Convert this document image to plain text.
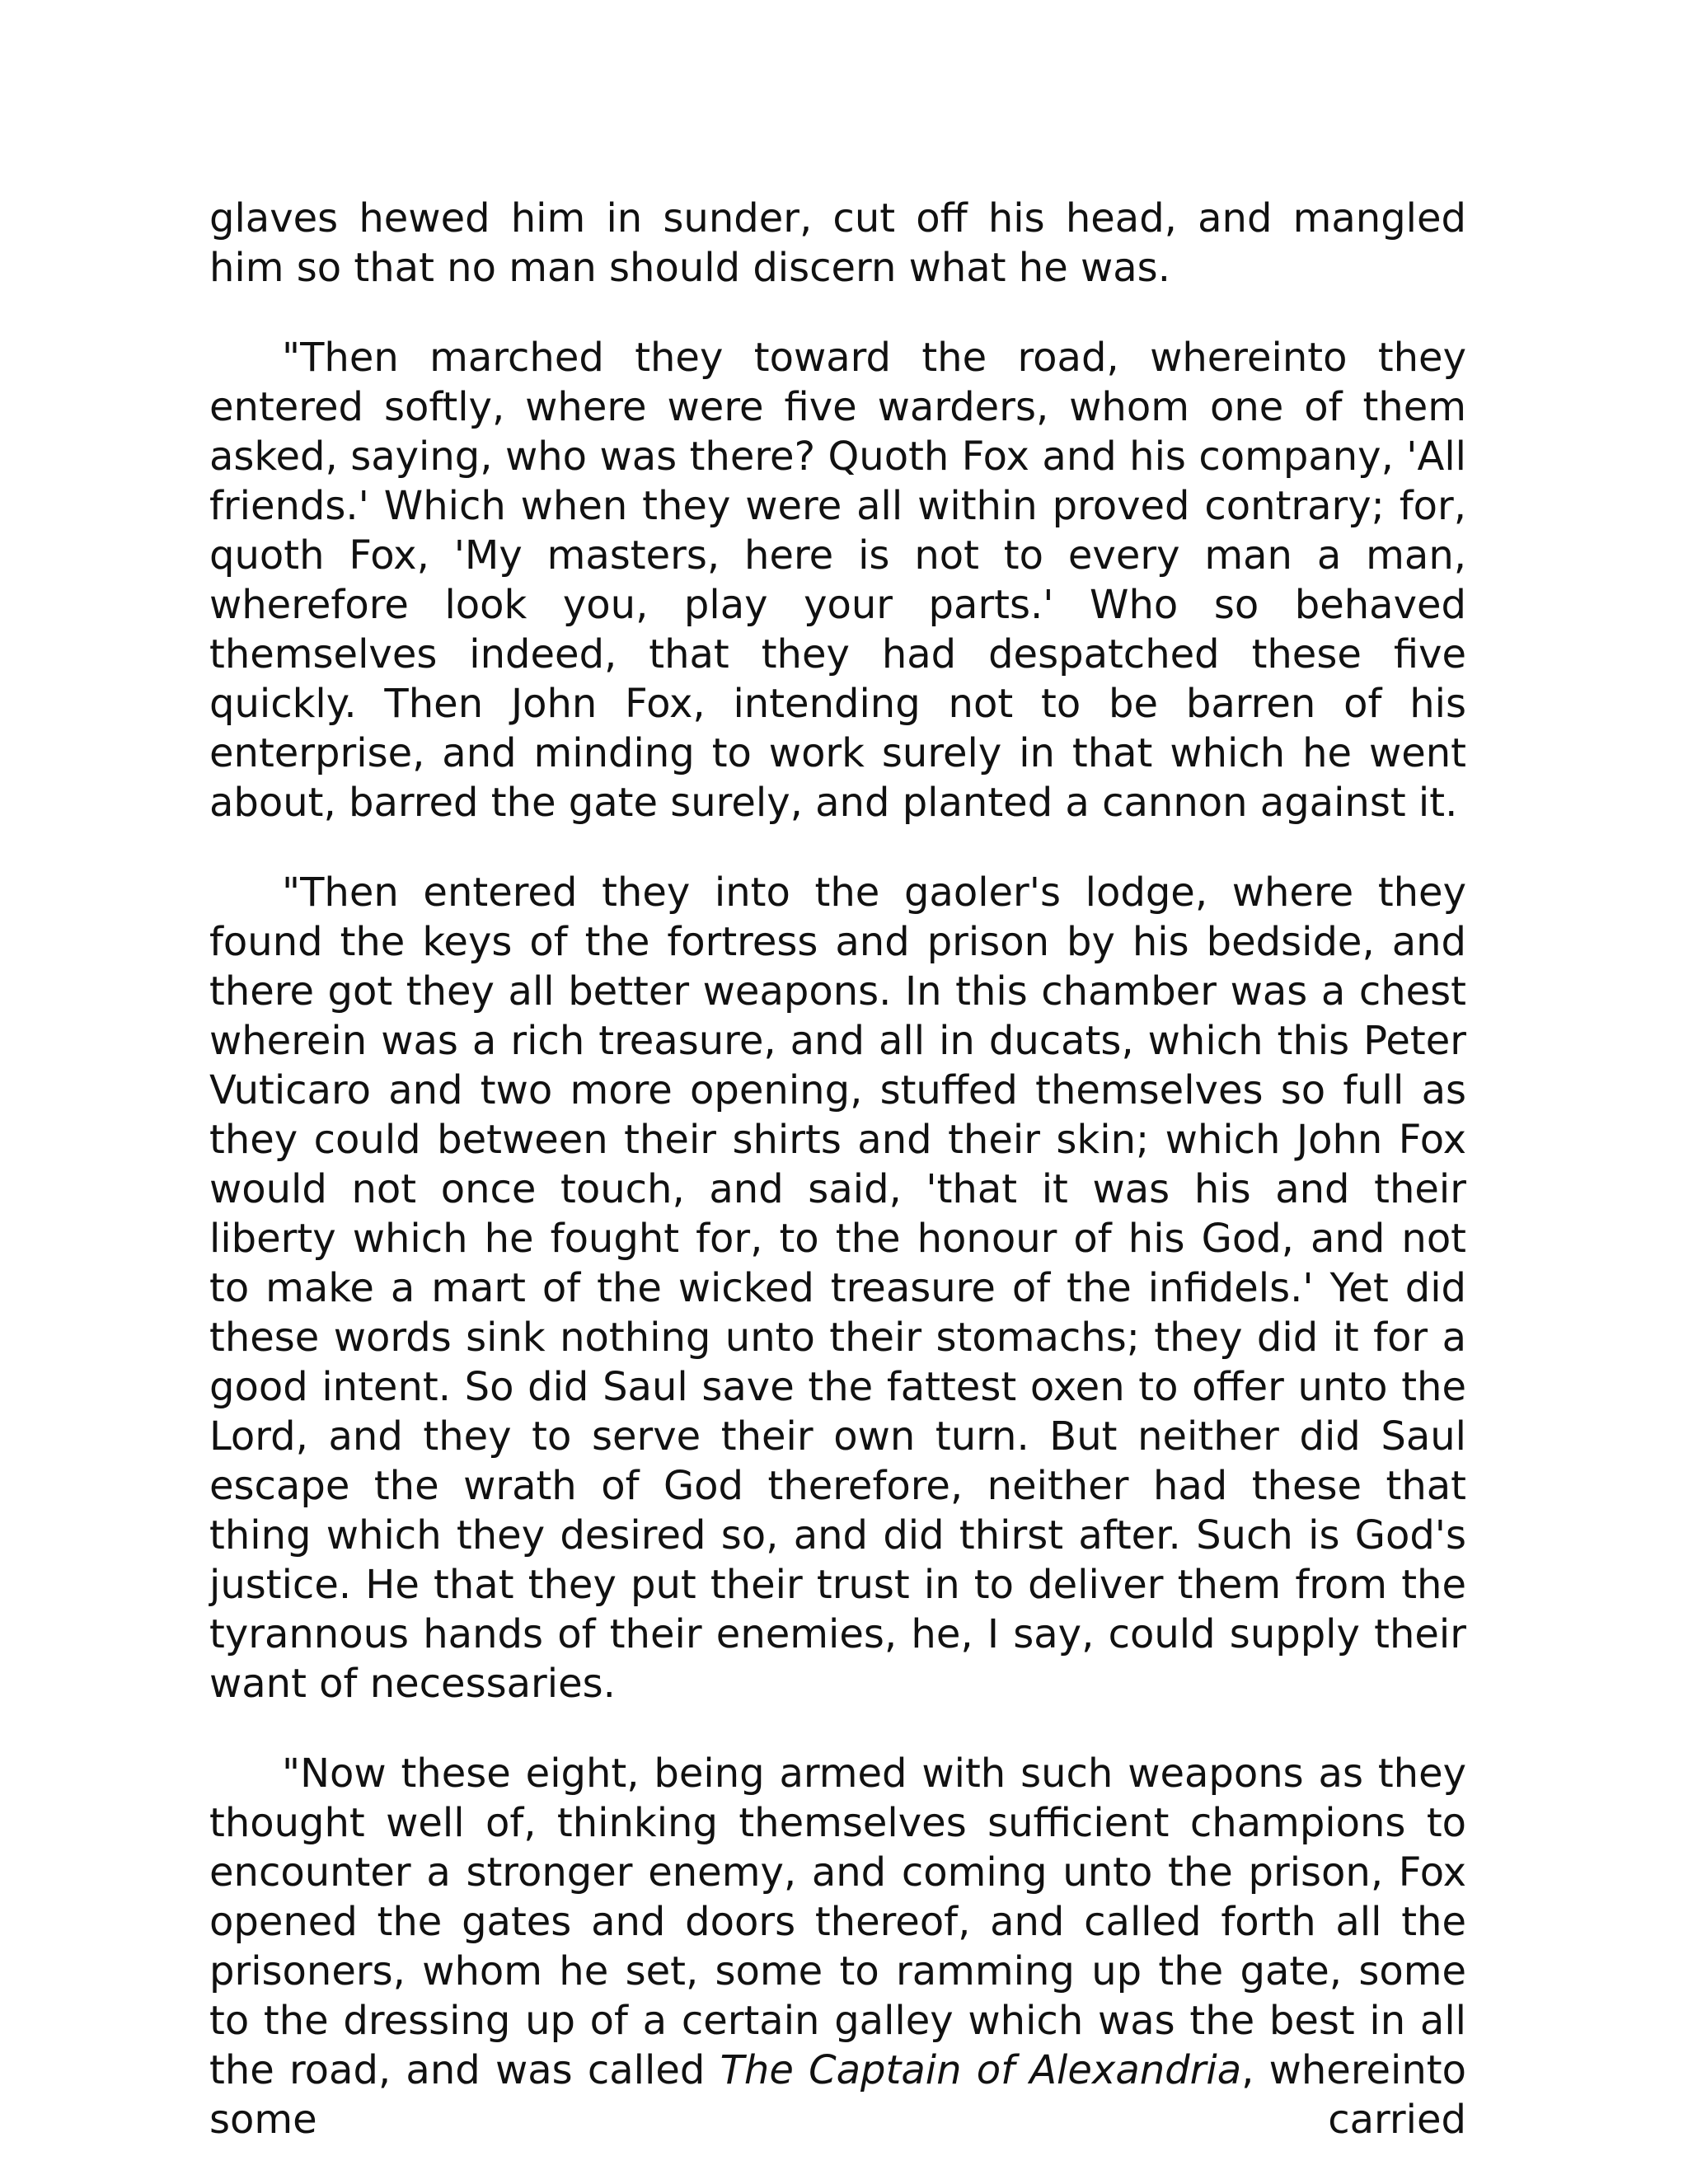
glaves hewed him in sunder, cut off his head, and mangled him so that no man should discern what he was.

"Then marched they toward the road, whereinto they entered softly, where were five warders, whom one of them asked, saying, who was there? Quoth Fox and his company, 'All friends.' Which when they were all within proved contrary; for, quoth Fox, 'My masters, here is not to every man a man, wherefore look you, play your parts.' Who so behaved themselves indeed, that they had despatched these five quickly. Then John Fox, intending not to be barren of his enterprise, and minding to work surely in that which he went about, barred the gate surely, and planted a cannon against it.

"Then entered they into the gaoler's lodge, where they found the keys of the fortress and prison by his bedside, and there got they all better weapons. In this chamber was a chest wherein was a rich treasure, and all in ducats, which this Peter Vuticaro and two more opening, stuffed themselves so full as they could between their shirts and their skin; which John Fox would not once touch, and said, 'that it was his and their liberty which he fought for, to the honour of his God, and not to make a mart of the wicked treasure of the infidels.' Yet did these words sink nothing unto their stomachs; they did it for a good intent. So did Saul save the fattest oxen to offer unto the Lord, and they to serve their own turn. But neither did Saul escape the wrath of God therefore, neither had these that thing which they desired so, and did thirst after. Such is God's justice. He that they put their trust in to deliver them from the tyrannous hands of their enemies, he, I say, could supply their want of necessaries.

"Now these eight, being armed with such weapons as they thought well of, thinking themselves sufficient champions to encounter a stronger enemy, and coming unto the prison, Fox opened the gates and doors thereof, and called forth all the prisoners, whom he set, some to ramming up the gate, some to the dressing up of a certain galley which was the best in all the road, and was called The Captain of Alexandria, whereinto some carried
